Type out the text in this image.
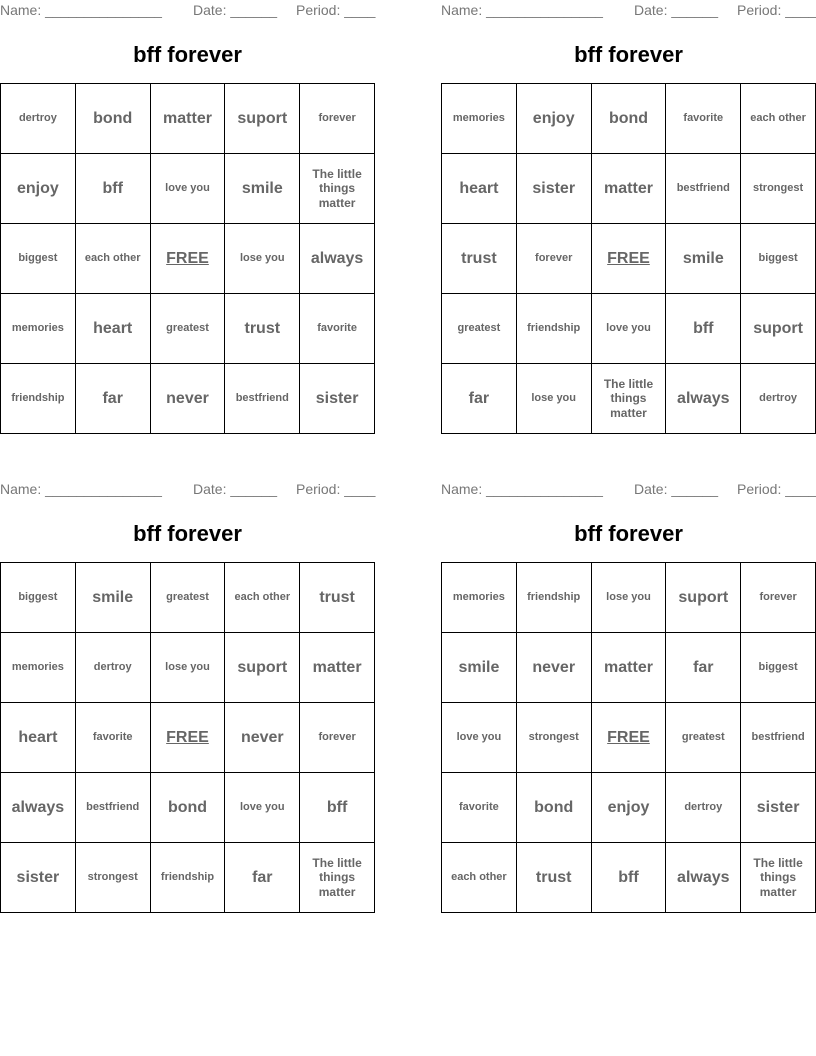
Name: _______________ Date: ______ Period: ____
bff forever
dertroy	bond	matter	suport	forever
enjoy	bff	love you	smile	The little things matter
biggest	each other	FREE	lose you	always
memories	heart	greatest	trust	favorite
friendship	far	never	bestfriend	sister
Name: _______________ Date: ______ Period: ____
bff forever
memories	enjoy	bond	favorite	each other
heart	sister	matter	bestfriend	strongest
trust	forever	FREE	smile	biggest
greatest	friendship	love you	bff	suport
far	lose you	The little things matter	always	dertroy
Name: _______________ Date: ______ Period: ____
bff forever
biggest	smile	greatest	each other	trust
memories	dertroy	lose you	suport	matter
heart	favorite	FREE	never	forever
always	bestfriend	bond	love you	bff
sister	strongest	friendship	far	The little things matter
Name: _______________ Date: ______ Period: ____
bff forever
memories	friendship	lose you	suport	forever
smile	never	matter	far	biggest
love you	strongest	FREE	greatest	bestfriend
favorite	bond	enjoy	dertroy	sister
each other	trust	bff	always	The little things matter
